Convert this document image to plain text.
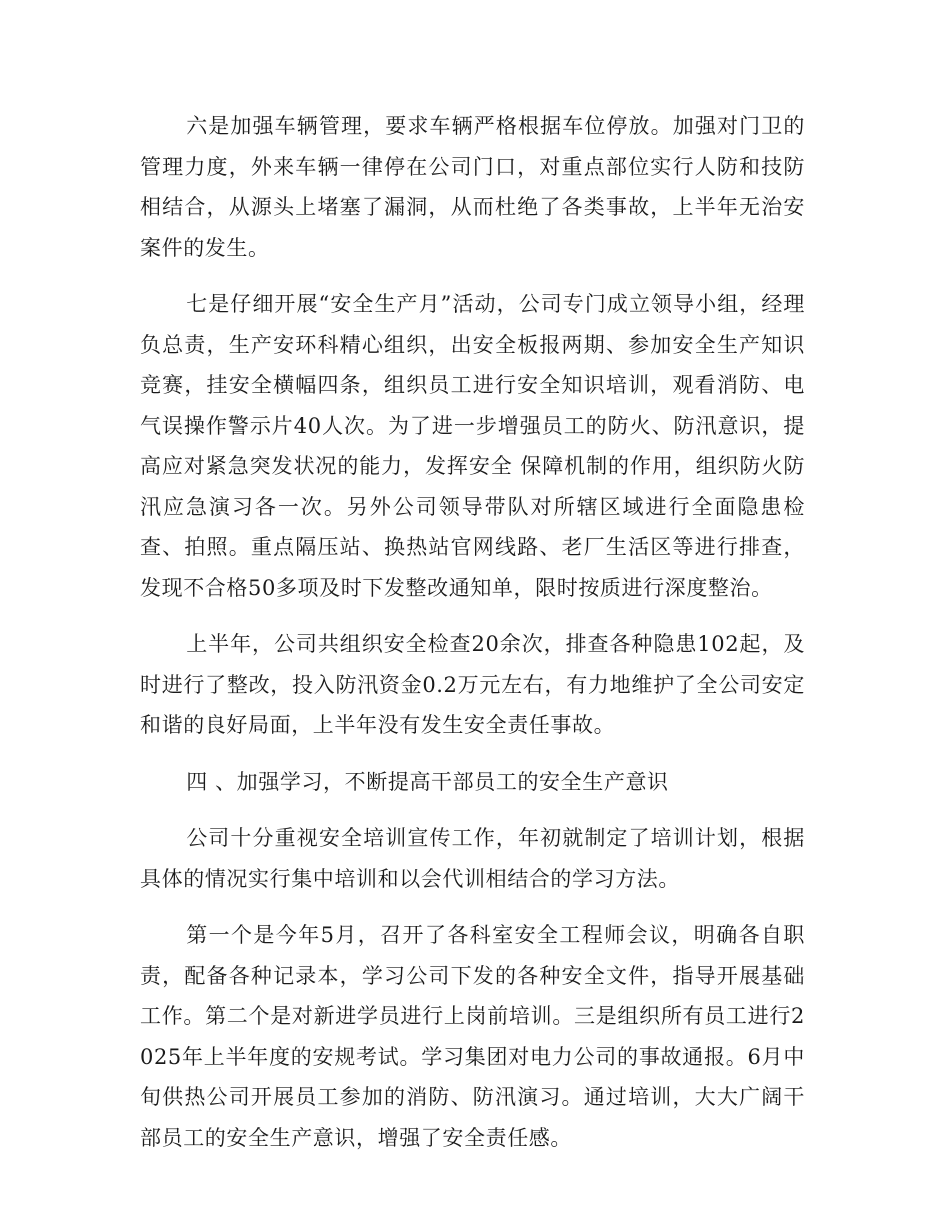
六是加强车辆管理，要求车辆严格根据车位停放。加强对门卫的管理力度，外来车辆一律停在公司门口，对重点部位实行人防和技防相结合，从源头上堵塞了漏洞，从而杜绝了各类事故，上半年无治安案件的发生。

七是仔细开展“安全生产月”活动，公司专门成立领导小组，经理负总责，生产安环科精心组织，出安全板报两期、参加安全生产知识竞赛，挂安全横幅四条，组织员工进行安全知识培训，观看消防、电气误操作警示片40人次。为了进一步增强员工的防火、防汛意识，提高应对紧急突发状况的能力，发挥安全 保障机制的作用，组织防火防汛应急演习各一次。另外公司领导带队对所辖区域进行全面隐患检查、拍照。重点隔压站、换热站官网线路、老厂生活区等进行排查，发现不合格50多项及时下发整改通知单，限时按质进行深度整治。

上半年，公司共组织安全检查20余次，排查各种隐患102起，及时进行了整改，投入防汛资金0.2万元左右，有力地维护了全公司安定和谐的良好局面，上半年没有发生安全责任事故。

四 、加强学习，不断提高干部员工的安全生产意识

公司十分重视安全培训宣传工作，年初就制定了培训计划，根据具体的情况实行集中培训和以会代训相结合的学习方法。

第一个是今年5月，召开了各科室安全工程师会议，明确各自职责，配备各种记录本，学习公司下发的各种安全文件，指导开展基础工作。第二个是对新进学员进行上岗前培训。三是组织所有员工进行2025年上半年度的安规考试。学习集团对电力公司的事故通报。6月中旬供热公司开展员工参加的消防、防汛演习。通过培训，大大广阔干部员工的安全生产意识，增强了安全责任感。
